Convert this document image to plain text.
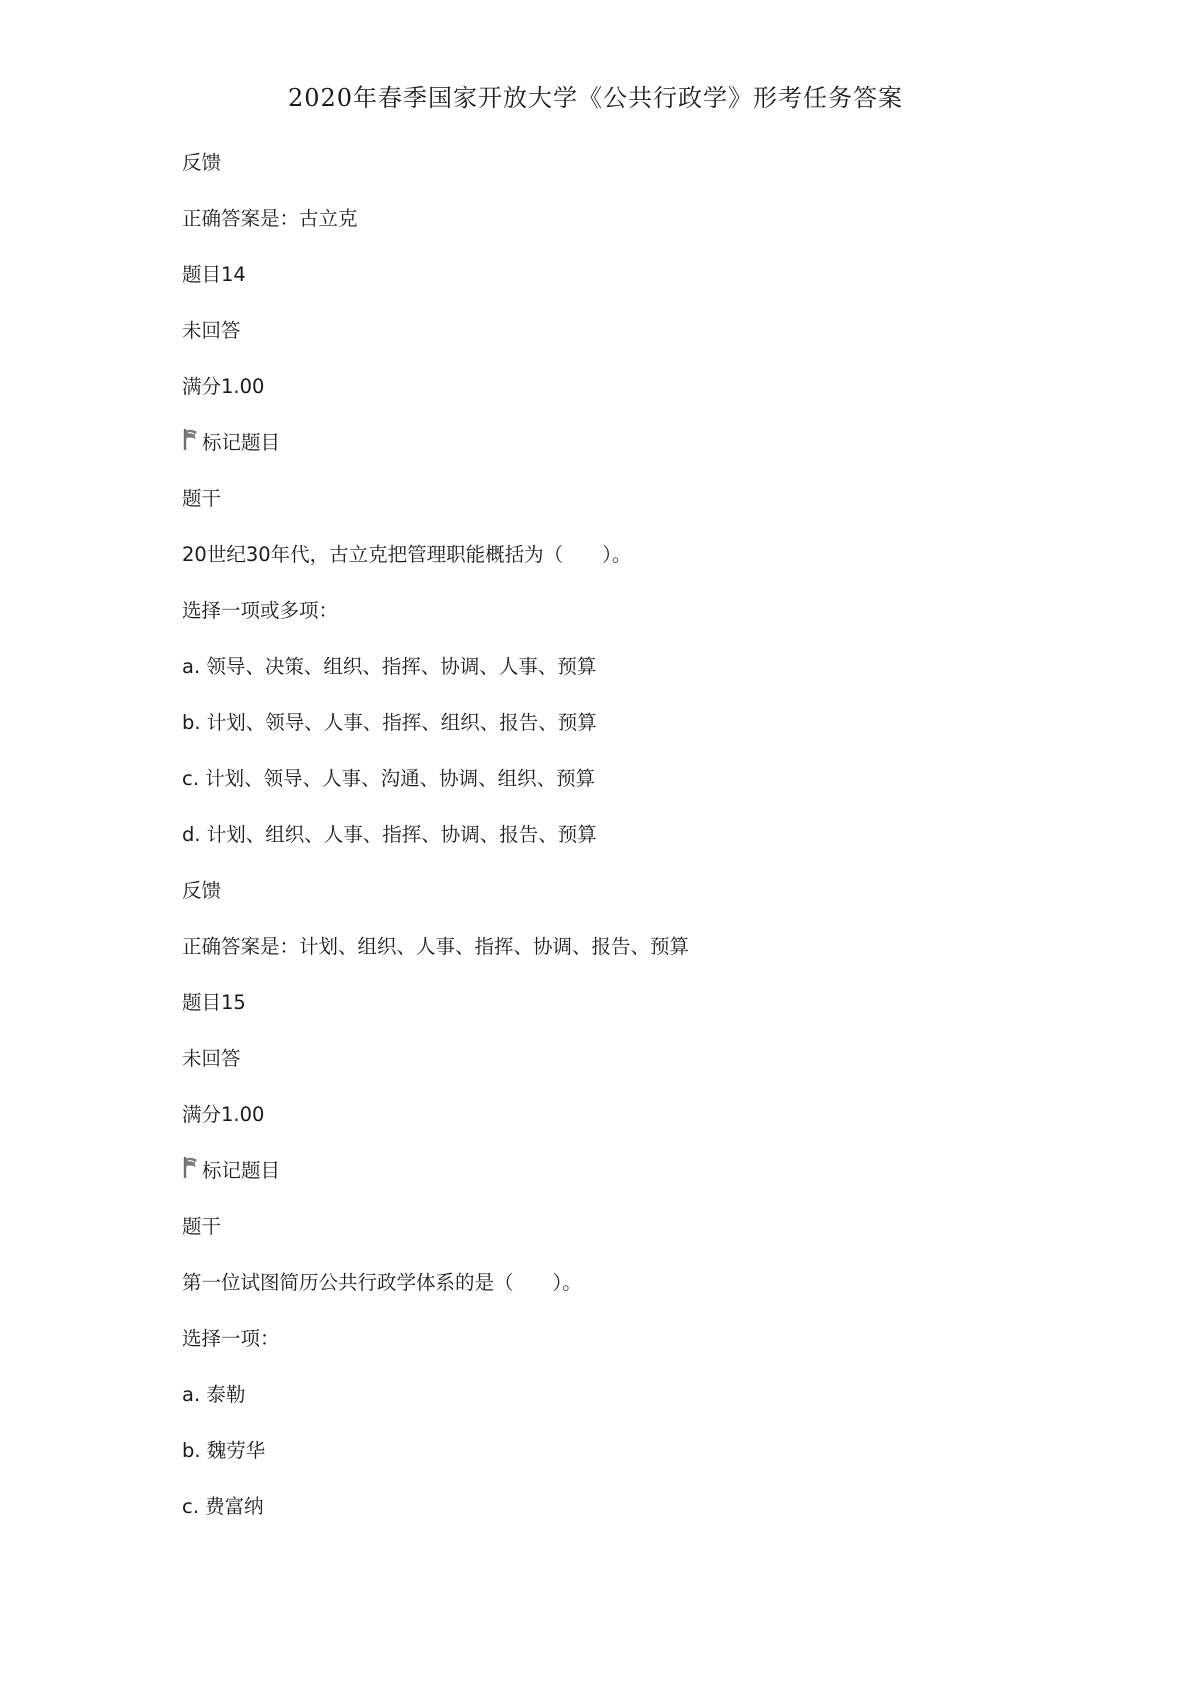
2020年春季国家开放大学《公共行政学》形考任务答案
反馈
正确答案是：古立克
题目14
未回答
满分1.00
标记题目
题干
20世纪30年代，古立克把管理职能概括为（　　）。
选择一项或多项：
a. 领导、决策、组织、指挥、协调、人事、预算
b. 计划、领导、人事、指挥、组织、报告、预算
c. 计划、领导、人事、沟通、协调、组织、预算
d. 计划、组织、人事、指挥、协调、报告、预算
反馈
正确答案是：计划、组织、人事、指挥、协调、报告、预算
题目15
未回答
满分1.00
标记题目
题干
第一位试图简历公共行政学体系的是（　　）。
选择一项：
a. 泰勒
b. 魏劳华
c. 费富纳
